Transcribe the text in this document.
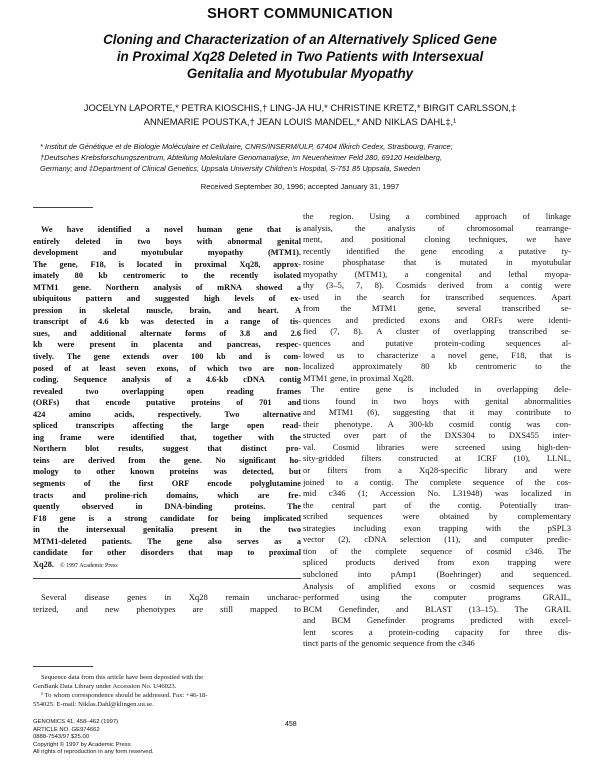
SHORT COMMUNICATION
Cloning and Characterization of an Alternatively Spliced Gene
in Proximal Xq28 Deleted in Two Patients with Intersexual
Genitalia and Myotubular Myopathy
JOCELYN LAPORTE,* PETRA KIOSCHIS,† LING-JA HU,* CHRISTINE KRETZ,* BIRGIT CARLSSON,‡
ANNEMARIE POUSTKA,† JEAN LOUIS MANDEL,* AND NIKLAS DAHL‡,¹
* Institut de Génétique et de Biologie Moléculaire et Cellulaire, CNRS/INSERM/ULP, 67404 Illkirch Cedex, Strasbourg, France;
†Deutsches Krebsforschungszentrum, Abteilung Molekulare Genomanalyse, Im Neuenheimer Feld 280, 69120 Heidelberg,
Germany; and ‡Department of Clinical Genetics, Uppsala University Children’s Hospital, S-751 85 Uppsala, Sweden
Received September 30, 1996; accepted January 31, 1997
We have identified a novel human gene that is
entirely deleted in two boys with abnormal genital
development and myotubular myopathy (MTM1).
The gene, F18, is located in proximal Xq28, approx-
imately 80 kb centromeric to the recently isolated
MTM1 gene. Northern analysis of mRNA showed a
ubiquitous pattern and suggested high levels of ex-
pression in skeletal muscle, brain, and heart. A
transcript of 4.6 kb was detected in a range of tis-
sues, and additional alternate forms of 3.8 and 2.6
kb were present in placenta and pancreas, respec-
tively. The gene extends over 100 kb and is com-
posed of at least seven exons, of which two are non-
coding. Sequence analysis of a 4.6-kb cDNA contig
revealed two overlapping open reading frames
(ORFs) that encode putative proteins of 701 and
424 amino acids, respectively. Two alternative
spliced transcripts affecting the large open read-
ing frame were identified that, together with the
Northern blot results, suggest that distinct pro-
teins are derived from the gene. No significant ho-
mology to other known proteins was detected, but
segments of the first ORF encode polyglutamine
tracts and proline-rich domains, which are fre-
quently observed in DNA-binding proteins. The
F18 gene is a strong candidate for being implicated
in the intersexual genitalia present in the two
MTM1-deleted patients. The gene also serves as a
candidate for other disorders that map to proximal
Xq28. © 1997 Academic Press
Several disease genes in Xq28 remain uncharac-
terized, and new phenotypes are still mapped to
the region. Using a combined approach of linkage
analysis, the analysis of chromosomal rearrange-
ment, and positional cloning techniques, we have
recently identified the gene encoding a putative ty-
rosine phosphatase that is mutated in myotubular
myopathy (MTM1), a congenital and lethal myopa-
thy (3–5, 7, 8). Cosmids derived from a contig were
used in the search for transcribed sequences. Apart
from the MTM1 gene, several transcribed se-
quences and predicted exons and ORFs were identi-
fied (7, 8). A cluster of overlapping transcribed se-
quences and putative protein-coding sequences al-
lowed us to characterize a novel gene, F18, that is
localized approximately 80 kb centromeric to the
MTM1 gene, in proximal Xq28.
The entire gene is included in overlapping dele-
tions found in two boys with genital abnormalities
and MTM1 (6), suggesting that it may contribute to
their phenotype. A 300-kb cosmid contig was con-
structed over part of the DXS304 to DXS455 inter-
val. Cosmid libraries were screened using high-den-
sity-gridded filters constructed at ICRF (10), LLNL,
or filters from a Xq28-specific library and were
joined to a contig. The complete sequence of the cos-
mid c346 (1; Accession No. L31948) was localized in
the central part of the contig. Potentially tran-
scribed sequences were obtained by complementary
strategies including exon trapping with the pSPL3
vector (2), cDNA selection (11), and computer predic-
tion of the complete sequence of cosmid c346. The
spliced products derived from exon trapping were
subcloned into pAmp1 (Boehringer) and sequenced.
Analysis of amplified exons or cosmid sequences was
performed using the computer programs GRAIL,
BCM Genefinder, and BLAST (13–15). The GRAIL
and BCM Genefinder programs predicted with excel-
lent scores a protein-coding capacity for three dis-
tinct parts of the genomic sequence from the c346
Sequence data from this article have been deposited with the
GenBank Data Library under Accession No. U46023.
¹ To whom correspondence should be addressed. Fax: +46-18-
554025. E-mail: Niklas.Dahl@klingen.uu.se.
GENOMICS 41, 458–462 (1997)
ARTICLE NO. GE974662
0888-7543/97 $25.00
Copyright © 1997 by Academic Press
All rights of reproduction in any form reserved.
458
